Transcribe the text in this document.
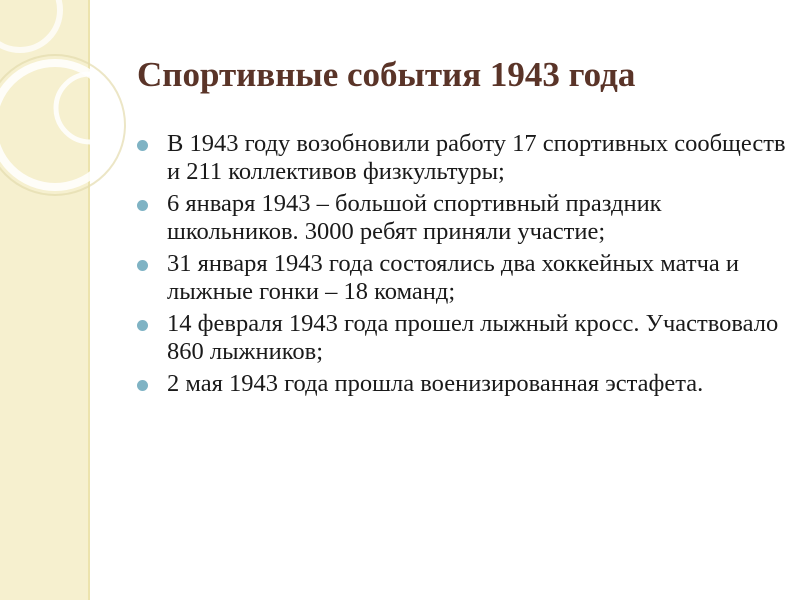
Спортивные события 1943 года
В 1943 году возобновили работу 17 спортивных сообществ и 211 коллективов физкультуры;
6 января 1943 – большой спортивный праздник школьников. 3000 ребят приняли участие;
31 января 1943 года состоялись два хоккейных матча и лыжные гонки – 18 команд;
14 февраля 1943 года прошел лыжный кросс. Участвовало 860 лыжников;
2 мая 1943 года прошла военизированная эстафета.
